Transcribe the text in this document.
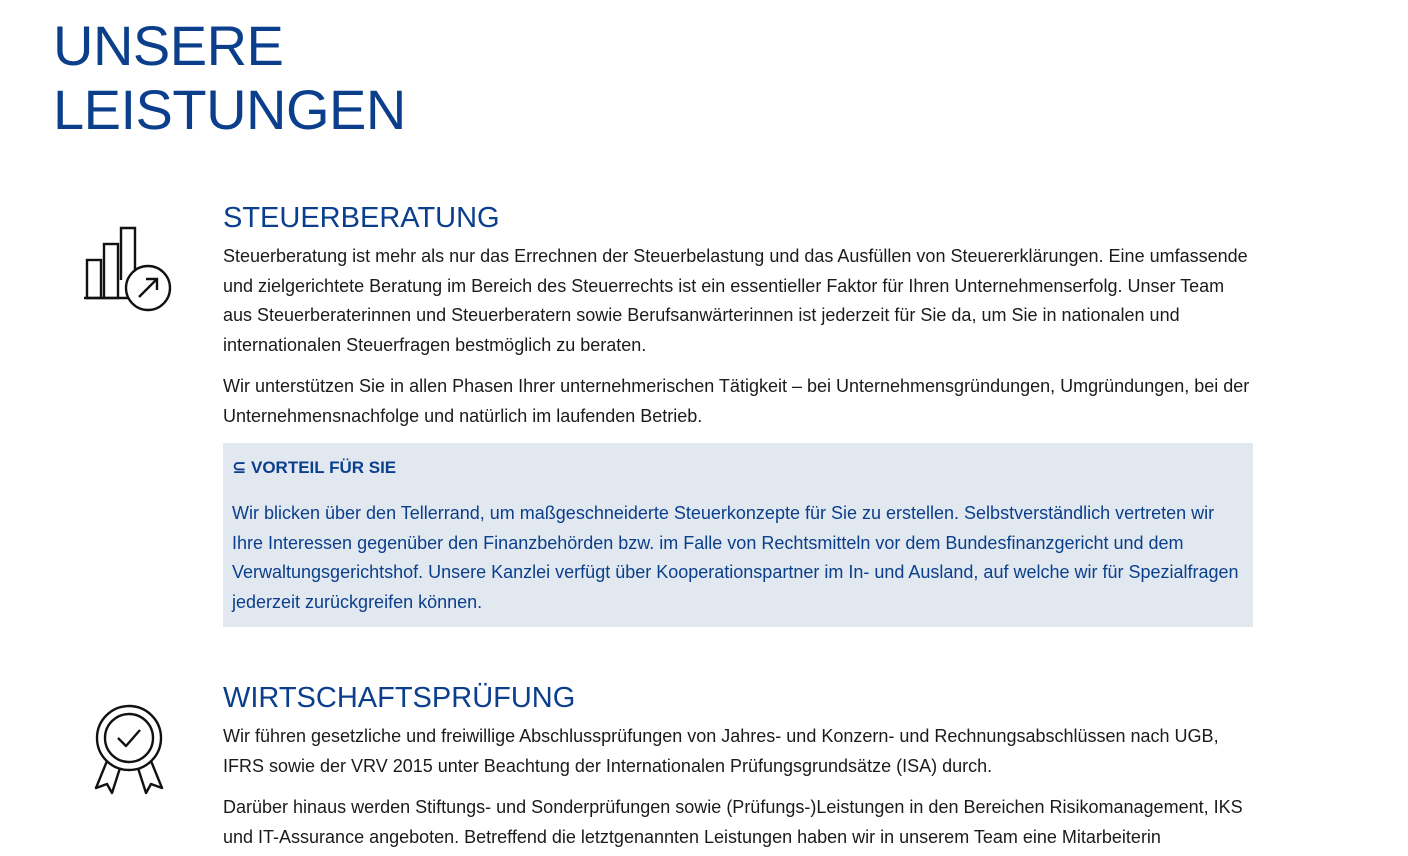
UNSERE
LEISTUNGEN
STEUERBERATUNG

Steuerberatung ist mehr als nur das Errechnen der Steuerbelastung und das Ausfüllen von Steuererklärungen. Eine umfassende und zielgerichtete Beratung im Bereich des Steuerrechts ist ein essentieller Faktor für Ihren Unternehmenserfolg. Unser Team aus Steuerberaterinnen und Steuerberatern sowie Berufsanwärterinnen ist jederzeit für Sie da, um Sie in nationalen und internationalen Steuerfragen bestmöglich zu beraten.

Wir unterstützen Sie in allen Phasen Ihrer unternehmerischen Tätigkeit – bei Unternehmensgründungen, Umgründungen, bei der Unternehmensnachfolge und natürlich im laufenden Betrieb.

⊆ VORTEIL FÜR SIE

Wir blicken über den Tellerrand, um maßgeschneiderte Steuerkonzepte für Sie zu erstellen. Selbstverständlich vertreten wir Ihre Interessen gegenüber den Finanzbehörden bzw. im Falle von Rechtsmitteln vor dem Bundesfinanzgericht und dem Verwaltungsgerichtshof. Unsere Kanzlei verfügt über Kooperationspartner im In- und Ausland, auf welche wir für Spezialfragen jederzeit zurückgreifen können.

WIRTSCHAFTSPRÜFUNG

Wir führen gesetzliche und freiwillige Abschlussprüfungen von Jahres- und Konzern- und Rechnungsabschlüssen nach UGB, IFRS sowie der VRV 2015 unter Beachtung der Internationalen Prüfungsgrundsätze (ISA) durch.

Darüber hinaus werden Stiftungs- und Sonderprüfungen sowie (Prüfungs-)Leistungen in den Bereichen Risikomanagement, IKS und IT-Assurance angeboten. Betreffend die letztgenannten Leistungen haben wir in unserem Team eine Mitarbeiterin
